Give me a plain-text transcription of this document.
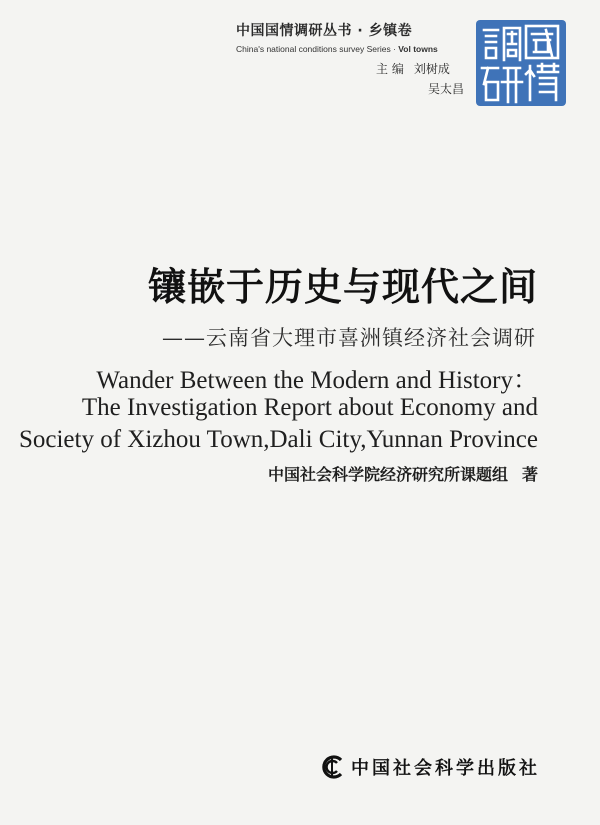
中国国情调研丛书 · 乡镇卷
China's national conditions survey Series · Vol towns
主 编 刘树成
吴太昌
镶嵌于历史与现代之间
——云南省大理市喜洲镇经济社会调研
Wander Between the Modern and History：
The Investigation Report about Economy and
Society of Xizhou Town,Dali City,Yunnan Province
中国社会科学院经济研究所课题组 著
中国社会科学出版社
